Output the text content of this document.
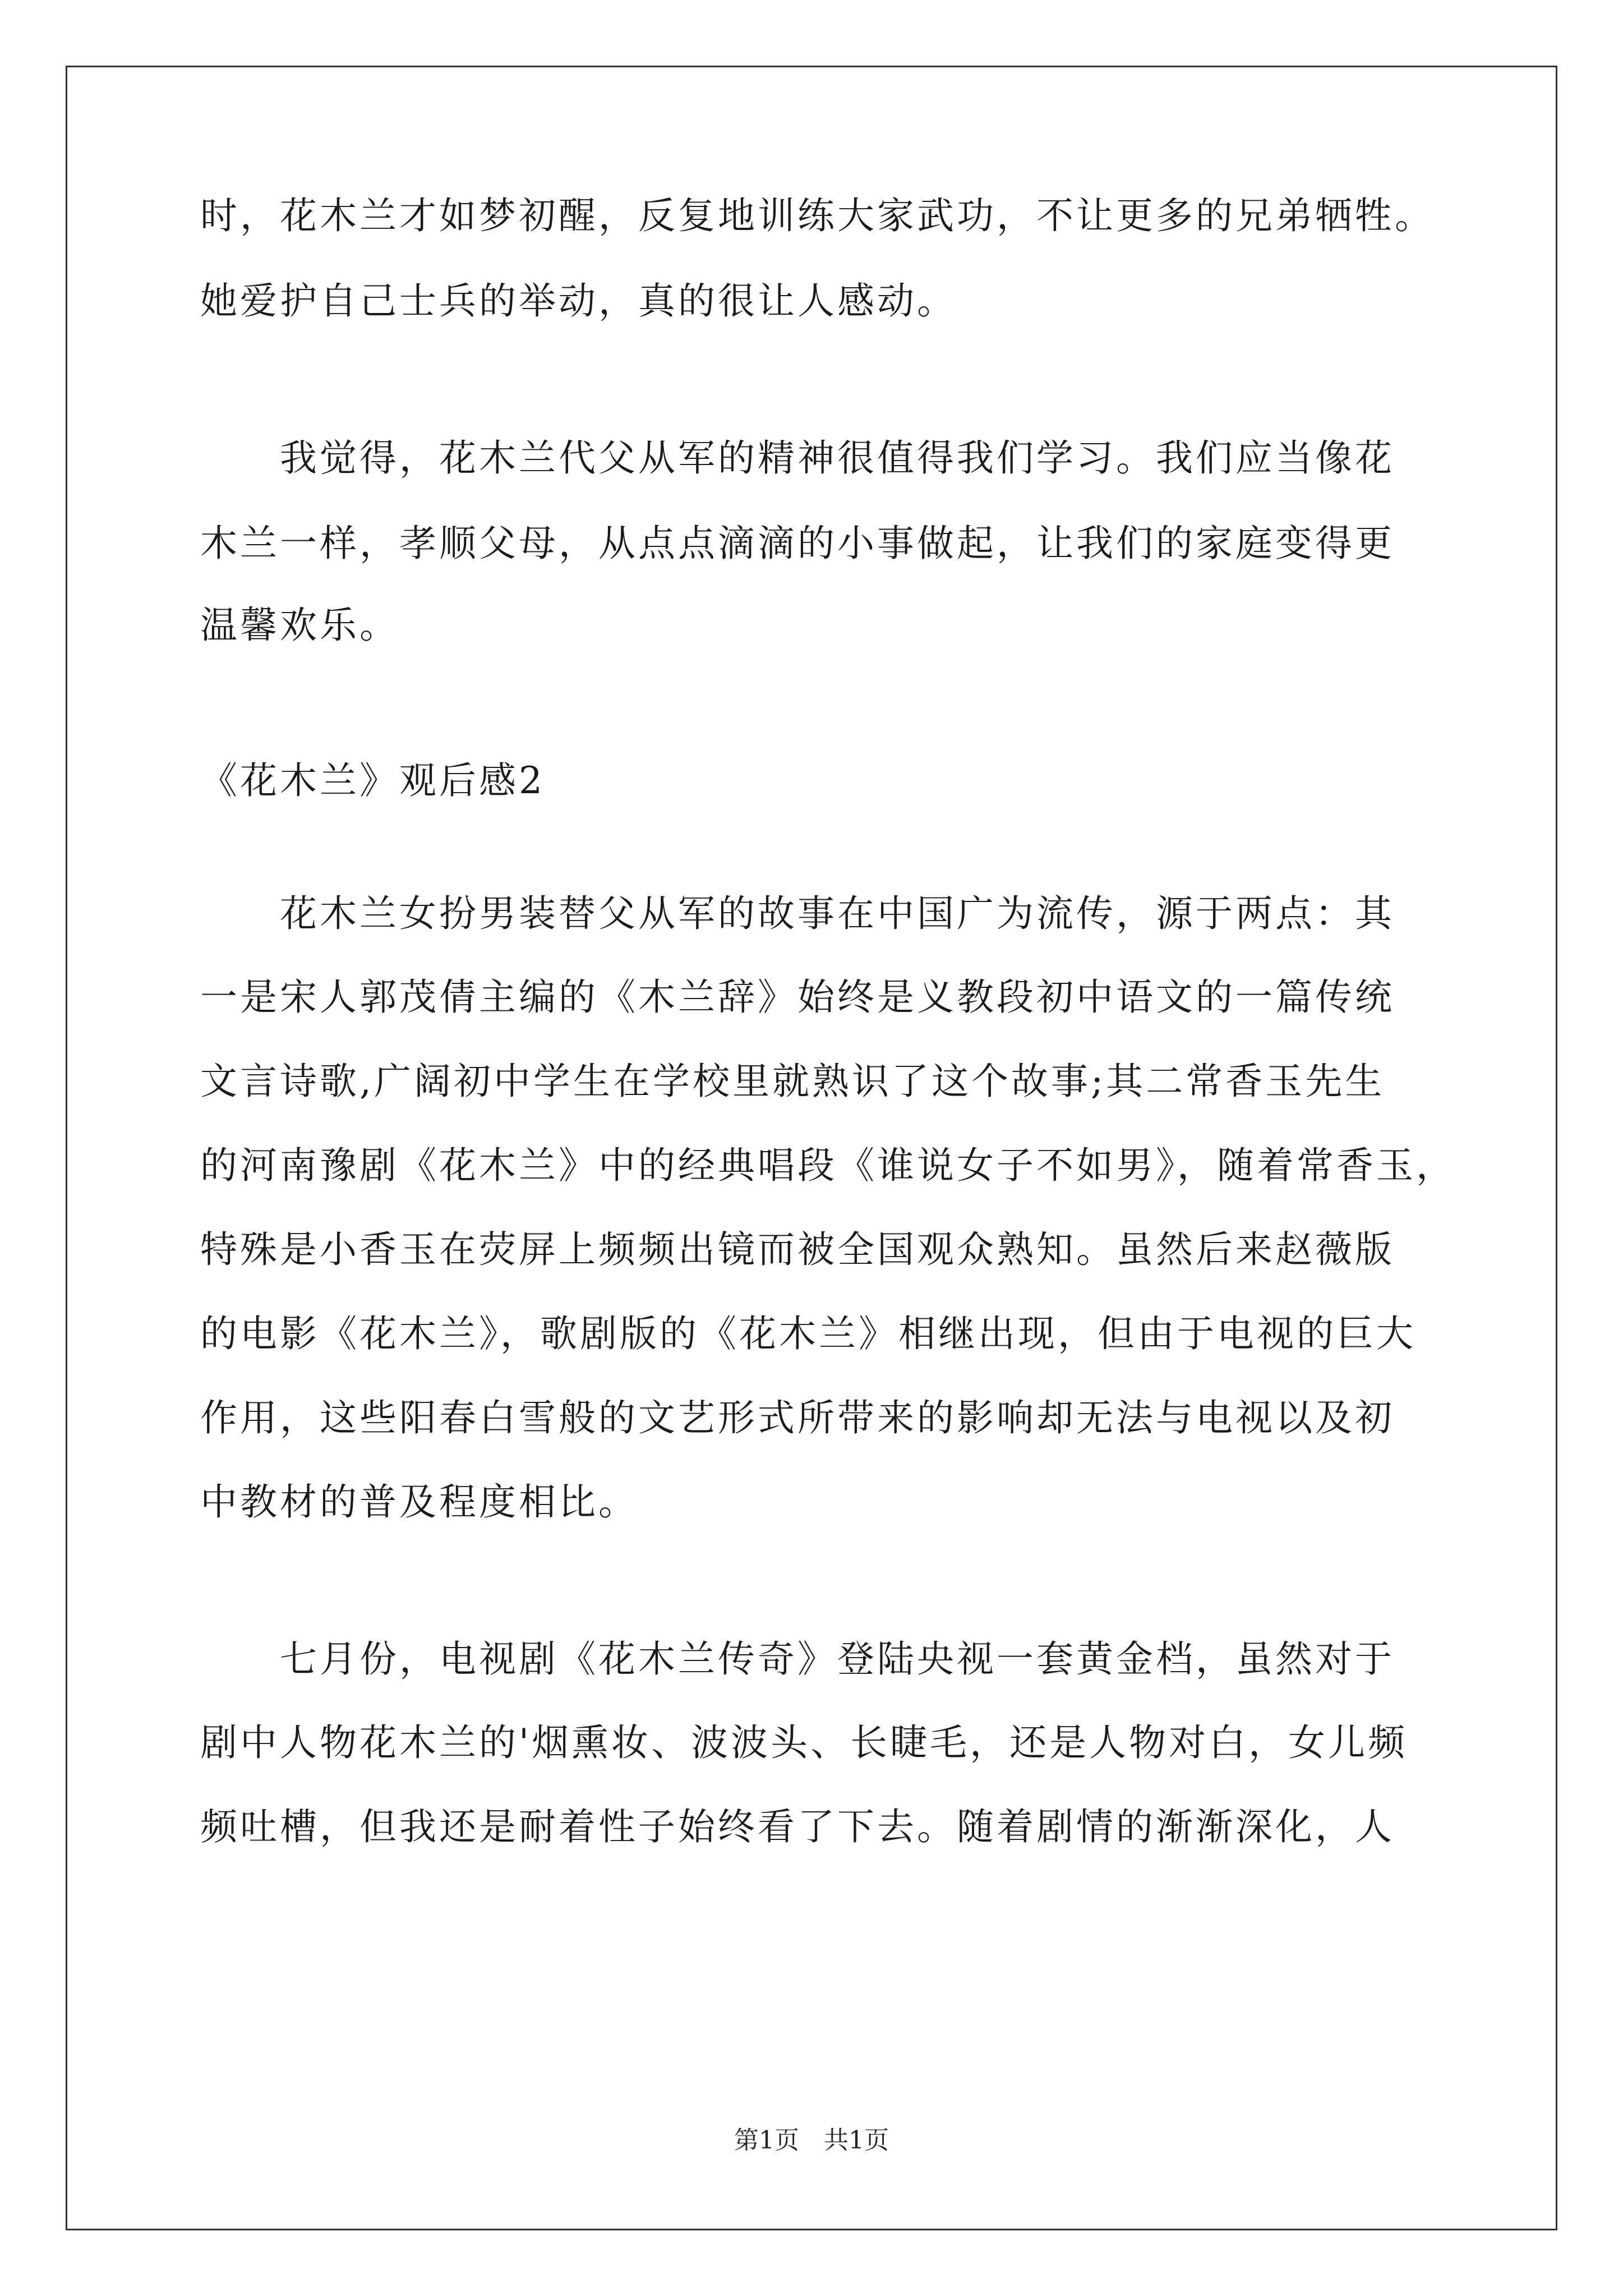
时，花木兰才如梦初醒，反复地训练大家武功，不让更多的兄弟牺牲。
她爱护自己士兵的举动，真的很让人感动。
　　我觉得，花木兰代父从军的精神很值得我们学习。我们应当像花
木兰一样，孝顺父母，从点点滴滴的小事做起，让我们的家庭变得更
温馨欢乐。
《花木兰》观后感2
　　花木兰女扮男装替父从军的故事在中国广为流传，源于两点：其
一是宋人郭茂倩主编的《木兰辞》始终是义教段初中语文的一篇传统
文言诗歌,广阔初中学生在学校里就熟识了这个故事;其二常香玉先生
的河南豫剧《花木兰》中的经典唱段《谁说女子不如男》，随着常香玉，
特殊是小香玉在荧屏上频频出镜而被全国观众熟知。虽然后来赵薇版
的电影《花木兰》，歌剧版的《花木兰》相继出现，但由于电视的巨大
作用，这些阳春白雪般的文艺形式所带来的影响却无法与电视以及初
中教材的普及程度相比。
　　七月份，电视剧《花木兰传奇》登陆央视一套黄金档，虽然对于
剧中人物花木兰的'烟熏妆、波波头、长睫毛，还是人物对白，女儿频
频吐槽，但我还是耐着性子始终看了下去。随着剧情的渐渐深化，人
第1页　共1页
